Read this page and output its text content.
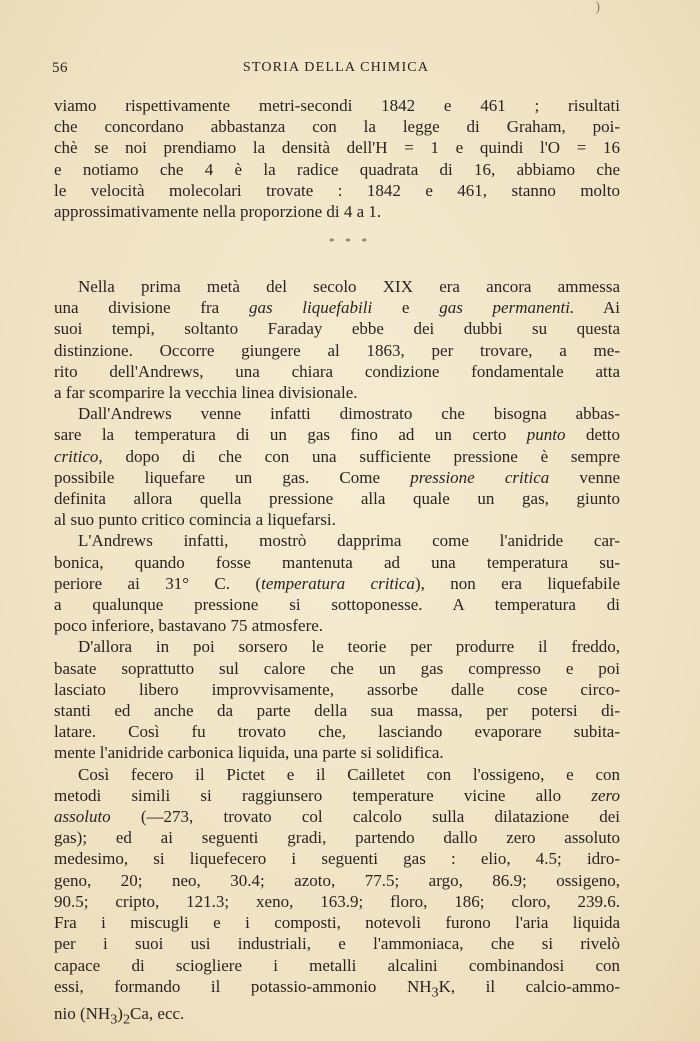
)
56	STORIA DELLA CHIMICA
viamo rispettivamente metri-secondi 1842 e 461 ; risultati
che concordano abbastanza con la legge di Graham, poi-
chè se noi prendiamo la densità dell'H = 1 e quindi l'O = 16
e notiamo che 4 è la radice quadrata di 16, abbiamo che
le velocità molecolari trovate : 1842 e 461, stanno molto
approssimativamente nella proporzione di 4 a 1.
* * *
Nella prima metà del secolo XIX era ancora ammessa
una divisione fra gas liquefabili e gas permanenti. Ai
suoi tempi, soltanto Faraday ebbe dei dubbi su questa
distinzione. Occorre giungere al 1863, per trovare, a me-
rito dell'Andrews, una chiara condizione fondamentale atta
a far scomparire la vecchia linea divisionale.
Dall'Andrews venne infatti dimostrato che bisogna abbas-
sare la temperatura di un gas fino ad un certo punto detto
critico, dopo di che con una sufficiente pressione è sempre
possibile liquefare un gas. Come pressione critica venne
definita allora quella pressione alla quale un gas, giunto
al suo punto critico comincia a liquefarsi.
L'Andrews infatti, mostrò dapprima come l'anidride car-
bonica, quando fosse mantenuta ad una temperatura su-
periore ai 31° C. (temperatura critica), non era liquefabile
a qualunque pressione si sottoponesse. A temperatura di
poco inferiore, bastavano 75 atmosfere.
D'allora in poi sorsero le teorie per produrre il freddo,
basate soprattutto sul calore che un gas compresso e poi
lasciato libero improvvisamente, assorbe dalle cose circo-
stanti ed anche da parte della sua massa, per potersi di-
latare. Così fu trovato che, lasciando evaporare subita-
mente l'anidride carbonica liquida, una parte si solidifica.
Così fecero il Pictet e il Cailletet con l'ossigeno, e con
metodi simili si raggiunsero temperature vicine allo zero
assoluto (—273, trovato col calcolo sulla dilatazione dei
gas); ed ai seguenti gradi, partendo dallo zero assoluto
medesimo, si liquefecero i seguenti gas : elio, 4.5; idro-
geno, 20; neo, 30.4; azoto, 77.5; argo, 86.9; ossigeno,
90.5; cripto, 121.3; xeno, 163.9; floro, 186; cloro, 239.6.
Fra i miscugli e i composti, notevoli furono l'aria liquida
per i suoi usi industriali, e l'ammoniaca, che si rivelò
capace di sciogliere i metalli alcalini combinandosi con
essi, formando il potassio-ammonio $NH_3K$, il calcio-ammo-
nio $(NH_3)_2Ca$, ecc.
